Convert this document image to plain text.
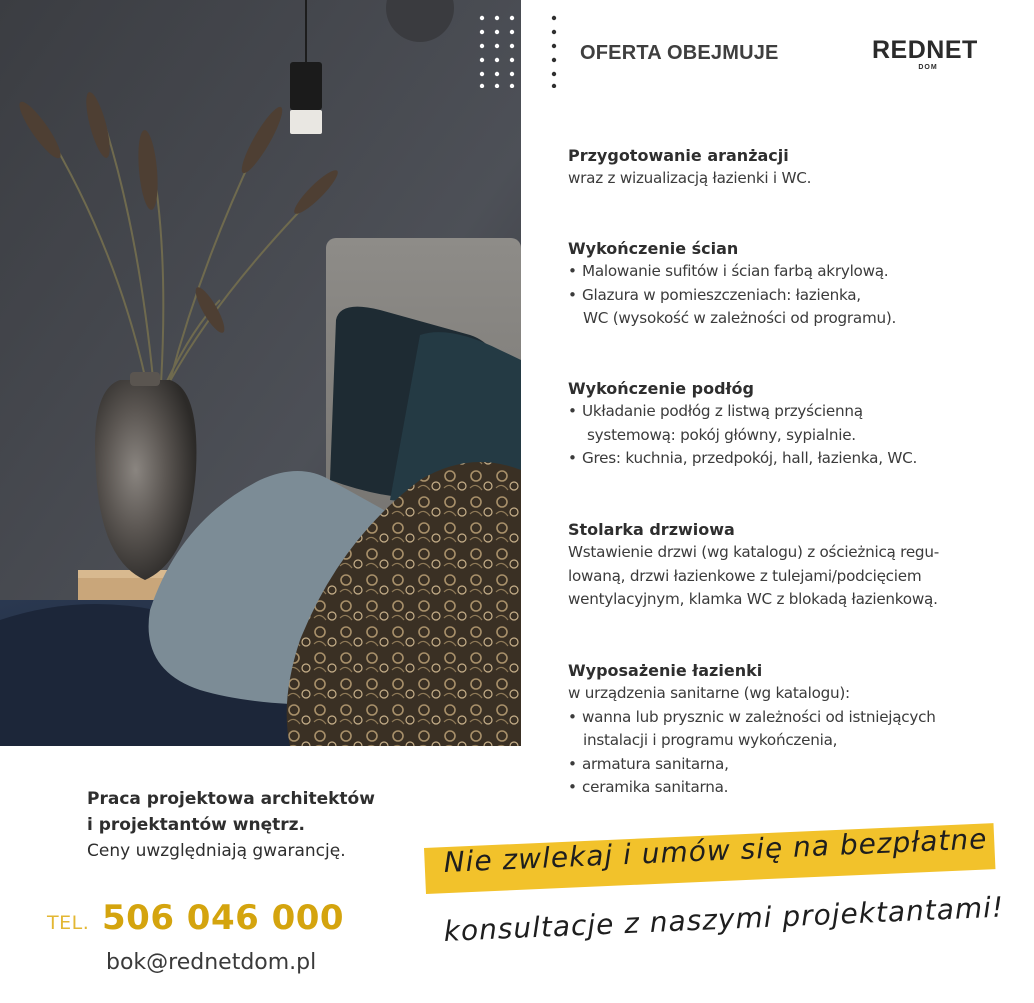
OFERTA OBEJMUJE	REDNET
DOM
Przygotowanie aranżacji
wraz z wizualizacją łazienki i WC.
Wykończenie ścian
• Malowanie sufitów i ścian farbą akrylową.
• Glazura w pomieszczeniach: łazienka,
WC (wysokość w zależności od programu).
Wykończenie podłóg
• Układanie podłóg z listwą przyścienną
systemową: pokój główny, sypialnie.
• Gres: kuchnia, przedpokój, hall, łazienka, WC.
Stolarka drzwiowa
Wstawienie drzwi (wg katalogu) z ościeżnicą regu-
lowaną, drzwi łazienkowe z tulejami/podcięciem
wentylacyjnym, klamka WC z blokadą łazienkową.
Wyposażenie łazienki
w urządzenia sanitarne (wg katalogu):
• wanna lub prysznic w zależności od istniejących
instalacji i programu wykończenia,
• armatura sanitarna,
• ceramika sanitarna.
Praca projektowa architektów
i projektantów wnętrz.
Ceny uwzględniają gwarancję.
TEL. 506 046 000
bok@rednetdom.pl
Nie zwlekaj i umów się na bezpłatne
konsultacje z naszymi projektantami!
